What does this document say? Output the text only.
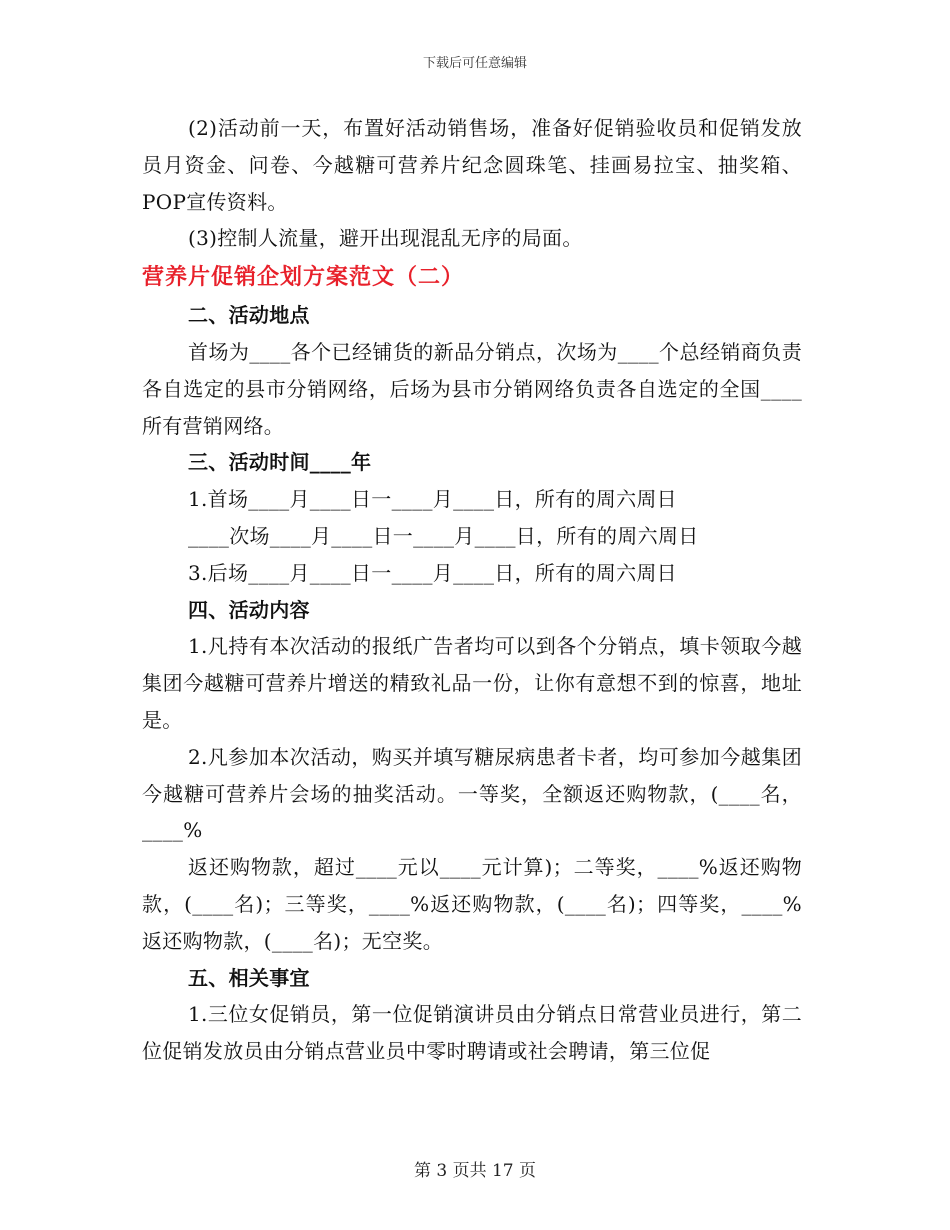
下载后可任意编辑

(2)活动前一天，布置好活动销售场，准备好促销验收员和促销发放员月资金、问卷、今越糖可营养片纪念圆珠笔、挂画易拉宝、抽奖箱、POP宣传资料。

(3)控制人流量，避开出现混乱无序的局面。

营养片促销企划方案范文（二）

二、活动地点

首场为____各个已经铺货的新品分销点，次场为____个总经销商负责各自选定的县市分销网络，后场为县市分销网络负责各自选定的全国____所有营销网络。

三、活动时间____年

1.首场____月____日一____月____日，所有的周六周日

____次场____月____日一____月____日，所有的周六周日

3.后场____月____日一____月____日，所有的周六周日

四、活动内容

1.凡持有本次活动的报纸广告者均可以到各个分销点，填卡领取今越集团今越糖可营养片增送的精致礼品一份，让你有意想不到的惊喜，地址是。

2.凡参加本次活动，购买并填写糖尿病患者卡者，均可参加今越集团今越糖可营养片会场的抽奖活动。一等奖，全额返还购物款，(____名，____%

返还购物款，超过____元以____元计算)；二等奖，____%返还购物款，(____名)；三等奖，____%返还购物款，(____名)；四等奖，____%返还购物款，(____名)；无空奖。

五、相关事宜

1.三位女促销员，第一位促销演讲员由分销点日常营业员进行，第二位促销发放员由分销点营业员中零时聘请或社会聘请，第三位促

第 3 页共 17 页
